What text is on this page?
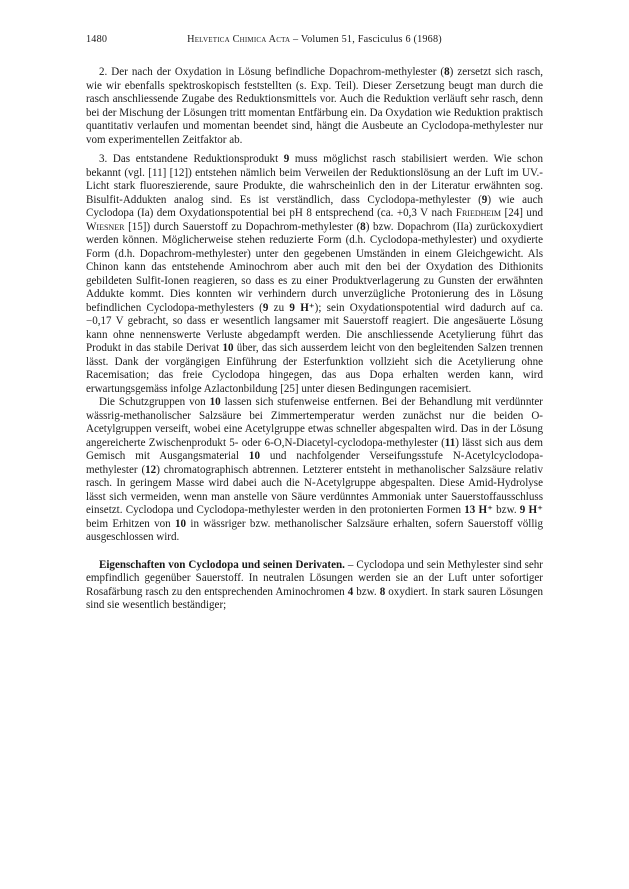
1480	Helvetica Chimica Acta – Volumen 51, Fasciculus 6 (1968)

2. Der nach der Oxydation in Lösung befindliche Dopachrom-methylester (8) zersetzt sich rasch, wie wir ebenfalls spektroskopisch feststellten (s. Exp. Teil). Dieser Zersetzung beugt man durch die rasch anschliessende Zugabe des Reduktionsmittels vor. Auch die Reduktion verläuft sehr rasch, denn bei der Mischung der Lösungen tritt momentan Entfärbung ein. Da Oxydation wie Reduktion praktisch quantitativ verlaufen und momentan beendet sind, hängt die Ausbeute an Cyclodopa-methylester nur vom experimentellen Zeitfaktor ab.

3. Das entstandene Reduktionsprodukt 9 muss möglichst rasch stabilisiert werden. Wie schon bekannt (vgl. [11] [12]) entstehen nämlich beim Verweilen der Reduktionslösung an der Luft im UV.-Licht stark fluoreszierende, saure Produkte, die wahrscheinlich den in der Literatur erwähnten sog. Bisulfit-Addukten analog sind. Es ist verständlich, dass Cyclodopa-methylester (9) wie auch Cyclodopa (Ia) dem Oxydationspotential bei pH 8 entsprechend (ca. +0,3 V nach Friedheim [24] und Wiesner [15]) durch Sauerstoff zu Dopachrom-methylester (8) bzw. Dopachrom (IIa) zurückoxydiert werden können. Möglicherweise stehen reduzierte Form (d.h. Cyclodopa-methylester) und oxydierte Form (d.h. Dopachrom-methylester) unter den gegebenen Umständen in einem Gleichgewicht. Als Chinon kann das entstehende Aminochrom aber auch mit den bei der Oxydation des Dithionits gebildeten Sulfit-Ionen reagieren, so dass es zu einer Produktverlagerung zu Gunsten der erwähnten Addukte kommt. Dies konnten wir verhindern durch unverzügliche Protonierung des in Lösung befindlichen Cyclodopa-methylesters (9 zu 9 H⁺); sein Oxydationspotential wird dadurch auf ca. −0,17 V gebracht, so dass er wesentlich langsamer mit Sauerstoff reagiert. Die angesäuerte Lösung kann ohne nennenswerte Verluste abgedampft werden. Die anschliessende Acetylierung führt das Produkt in das stabile Derivat 10 über, das sich ausserdem leicht von den begleitenden Salzen trennen lässt. Dank der vorgängigen Einführung der Esterfunktion vollzieht sich die Acetylierung ohne Racemisation; das freie Cyclodopa hingegen, das aus Dopa erhalten werden kann, wird erwartungsgemäss infolge Azlactonbildung [25] unter diesen Bedingungen racemisiert.

Die Schutzgruppen von 10 lassen sich stufenweise entfernen. Bei der Behandlung mit verdünnter wässrig-methanolischer Salzsäure bei Zimmertemperatur werden zunächst nur die beiden O-Acetylgruppen verseift, wobei eine Acetylgruppe etwas schneller abgespalten wird. Das in der Lösung angereicherte Zwischenprodukt 5- oder 6-O,N-Diacetyl-cyclodopa-methylester (11) lässt sich aus dem Gemisch mit Ausgangsmaterial 10 und nachfolgender Verseifungsstufe N-Acetylcyclodopa-methylester (12) chromatographisch abtrennen. Letzterer entsteht in methanolischer Salzsäure relativ rasch. In geringem Masse wird dabei auch die N-Acetylgruppe abgespalten. Diese Amid-Hydrolyse lässt sich vermeiden, wenn man anstelle von Säure verdünntes Ammoniak unter Sauerstoffausschluss einsetzt. Cyclodopa und Cyclodopa-methylester werden in den protonierten Formen 13 H⁺ bzw. 9 H⁺ beim Erhitzen von 10 in wässriger bzw. methanolischer Salzsäure erhalten, sofern Sauerstoff völlig ausgeschlossen wird.

Eigenschaften von Cyclodopa und seinen Derivaten. – Cyclodopa und sein Methylester sind sehr empfindlich gegenüber Sauerstoff. In neutralen Lösungen werden sie an der Luft unter sofortiger Rosafärbung rasch zu den entsprechenden Aminochromen 4 bzw. 8 oxydiert. In stark sauren Lösungen sind sie wesentlich beständiger;
